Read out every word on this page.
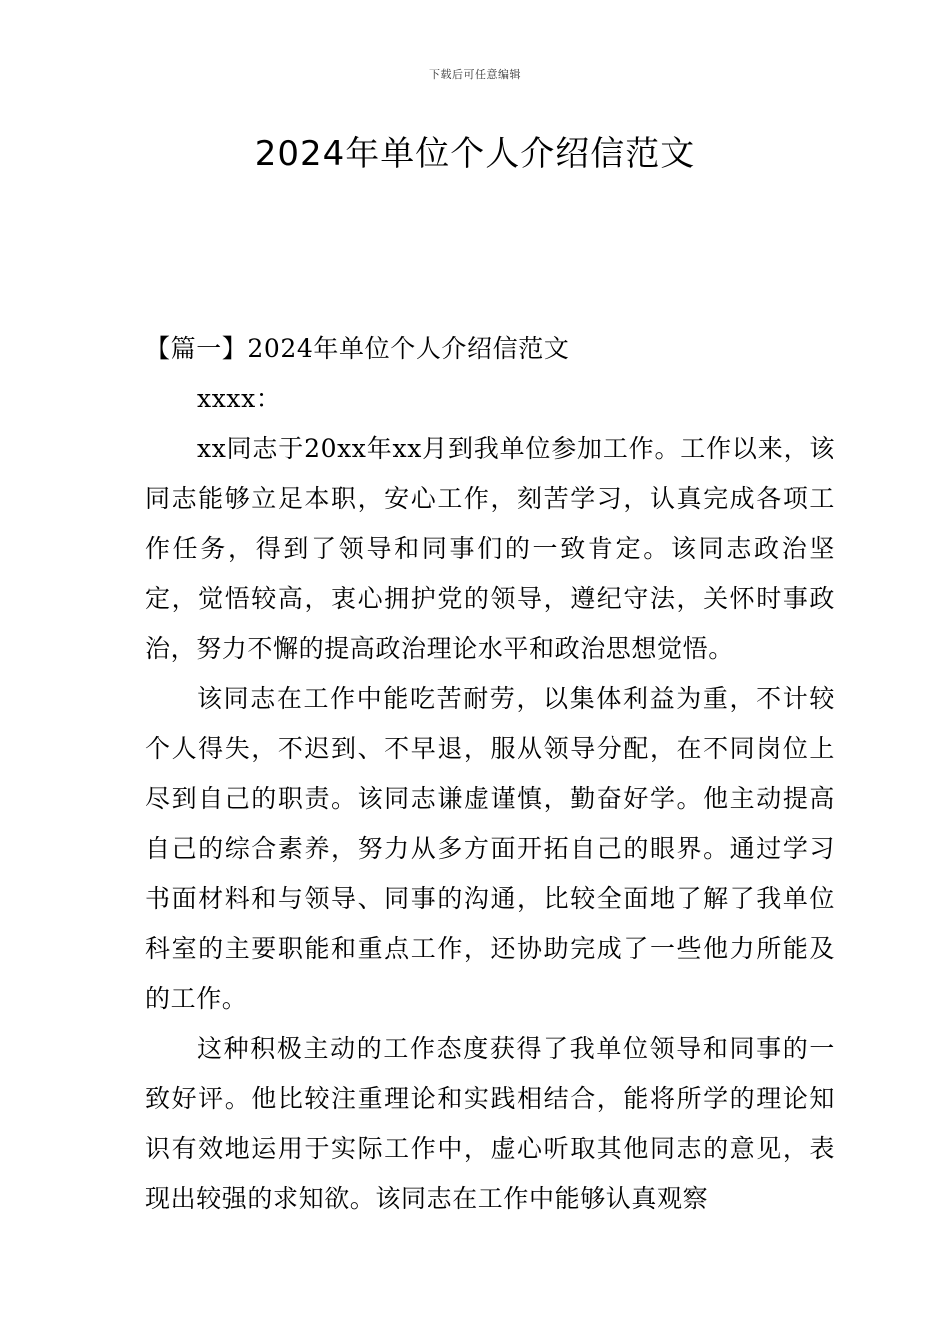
下载后可任意编辑
2024年单位个人介绍信范文

【篇一】2024年单位个人介绍信范文

xxxx：

xx同志于20xx年xx月到我单位参加工作。工作以来，该同志能够立足本职，安心工作，刻苦学习，认真完成各项工作任务，得到了领导和同事们的一致肯定。该同志政治坚定，觉悟较高，衷心拥护党的领导，遵纪守法，关怀时事政治，努力不懈的提高政治理论水平和政治思想觉悟。

该同志在工作中能吃苦耐劳，以集体利益为重，不计较个人得失，不迟到、不早退，服从领导分配，在不同岗位上尽到自己的职责。该同志谦虚谨慎，勤奋好学。他主动提高自己的综合素养，努力从多方面开拓自己的眼界。通过学习书面材料和与领导、同事的沟通，比较全面地了解了我单位科室的主要职能和重点工作，还协助完成了一些他力所能及的工作。

这种积极主动的工作态度获得了我单位领导和同事的一致好评。他比较注重理论和实践相结合，能将所学的理论知识有效地运用于实际工作中，虚心听取其他同志的意见，表现出较强的求知欲。该同志在工作中能够认真观察
